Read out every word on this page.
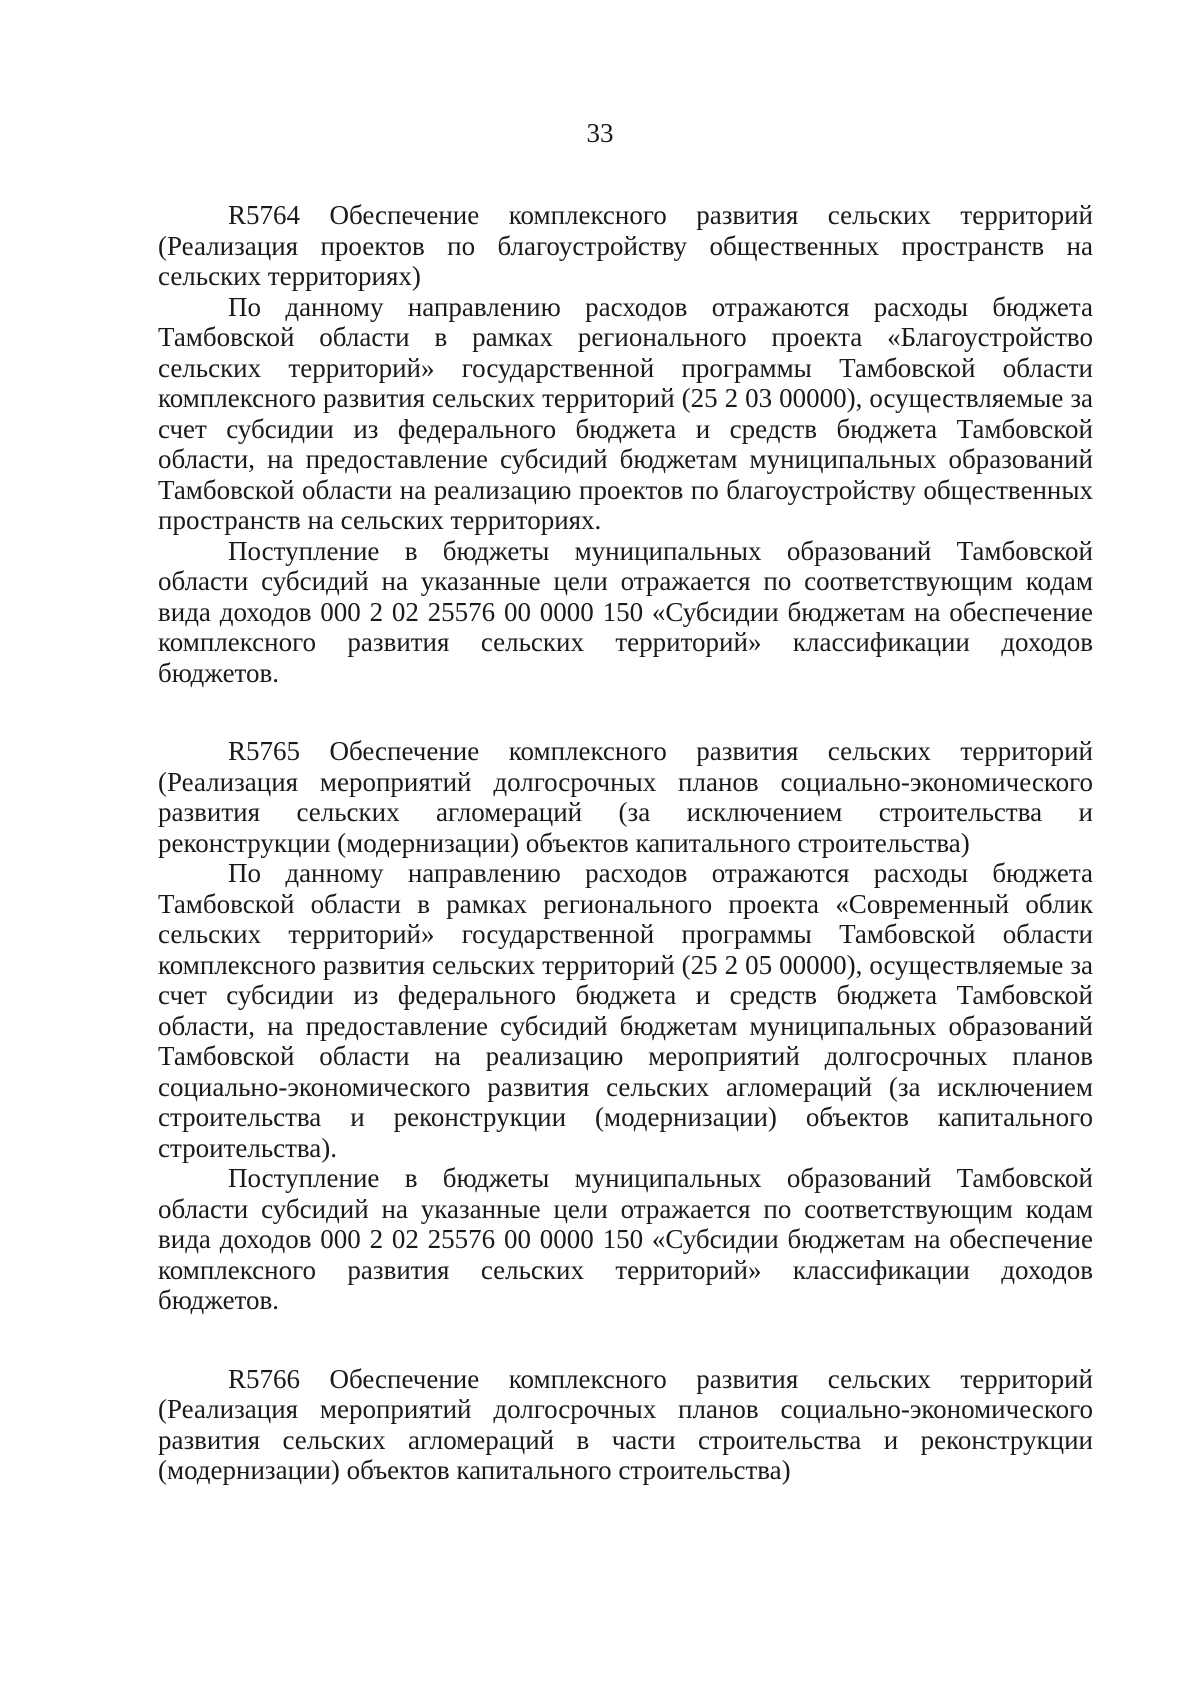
33

R5764 Обеспечение комплексного развития сельских территорий (Реализация проектов по благоустройству общественных пространств на сельских территориях)

По данному направлению расходов отражаются расходы бюджета Тамбовской области в рамках регионального проекта «Благоустройство сельских территорий» государственной программы Тамбовской области комплексного развития сельских территорий (25 2 03 00000), осуществляемые за счет субсидии из федерального бюджета и средств бюджета Тамбовской области, на предоставление субсидий бюджетам муниципальных образований Тамбовской области на реализацию проектов по благоустройству общественных пространств на сельских территориях.

Поступление в бюджеты муниципальных образований Тамбовской области субсидий на указанные цели отражается по соответствующим кодам вида доходов 000 2 02 25576 00 0000 150 «Субсидии бюджетам на обеспечение комплексного развития сельских территорий» классификации доходов бюджетов.

R5765 Обеспечение комплексного развития сельских территорий (Реализация мероприятий долгосрочных планов социально-экономического развития сельских агломераций (за исключением строительства и реконструкции (модернизации) объектов капитального строительства)

По данному направлению расходов отражаются расходы бюджета Тамбовской области в рамках регионального проекта «Современный облик сельских территорий» государственной программы Тамбовской области комплексного развития сельских территорий (25 2 05 00000), осуществляемые за счет субсидии из федерального бюджета и средств бюджета Тамбовской области, на предоставление субсидий бюджетам муниципальных образований Тамбовской области на реализацию мероприятий долгосрочных планов социально-экономического развития сельских агломераций (за исключением строительства и реконструкции (модернизации) объектов капитального строительства).

Поступление в бюджеты муниципальных образований Тамбовской области субсидий на указанные цели отражается по соответствующим кодам вида доходов 000 2 02 25576 00 0000 150 «Субсидии бюджетам на обеспечение комплексного развития сельских территорий» классификации доходов бюджетов.

R5766 Обеспечение комплексного развития сельских территорий (Реализация мероприятий долгосрочных планов социально-экономического развития сельских агломераций в части строительства и реконструкции (модернизации) объектов капитального строительства)
